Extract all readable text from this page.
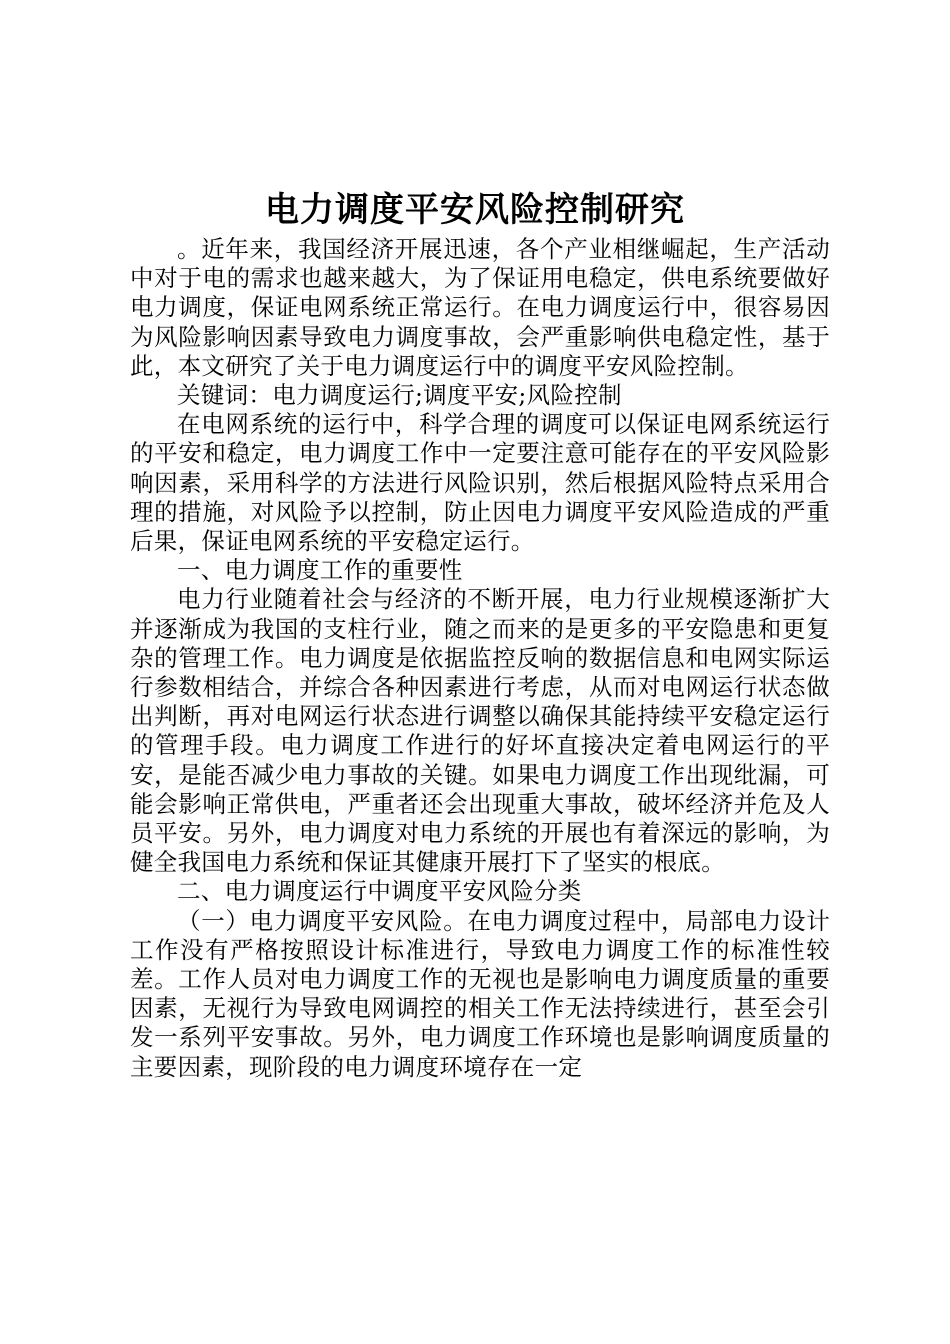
电力调度平安风险控制研究

。近年来，我国经济开展迅速，各个产业相继崛起，生产活动中对于电的需求也越来越大，为了保证用电稳定，供电系统要做好电力调度，保证电网系统正常运行。在电力调度运行中，很容易因为风险影响因素导致电力调度事故，会严重影响供电稳定性，基于此，本文研究了关于电力调度运行中的调度平安风险控制。

关键词：电力调度运行;调度平安;风险控制

在电网系统的运行中，科学合理的调度可以保证电网系统运行的平安和稳定，电力调度工作中一定要注意可能存在的平安风险影响因素，采用科学的方法进行风险识别，然后根据风险特点采用合理的措施，对风险予以控制，防止因电力调度平安风险造成的严重后果，保证电网系统的平安稳定运行。

一、电力调度工作的重要性

电力行业随着社会与经济的不断开展，电力行业规模逐渐扩大并逐渐成为我国的支柱行业，随之而来的是更多的平安隐患和更复杂的管理工作。电力调度是依据监控反响的数据信息和电网实际运行参数相结合，并综合各种因素进行考虑，从而对电网运行状态做出判断，再对电网运行状态进行调整以确保其能持续平安稳定运行的管理手段。电力调度工作进行的好坏直接决定着电网运行的平安，是能否减少电力事故的关键。如果电力调度工作出现纰漏，可能会影响正常供电，严重者还会出现重大事故，破坏经济并危及人员平安。另外，电力调度对电力系统的开展也有着深远的影响，为健全我国电力系统和保证其健康开展打下了坚实的根底。

二、电力调度运行中调度平安风险分类

（一）电力调度平安风险。在电力调度过程中，局部电力设计工作没有严格按照设计标准进行，导致电力调度工作的标准性较差。工作人员对电力调度工作的无视也是影响电力调度质量的重要因素，无视行为导致电网调控的相关工作无法持续进行，甚至会引发一系列平安事故。另外，电力调度工作环境也是影响调度质量的主要因素，现阶段的电力调度环境存在一定
